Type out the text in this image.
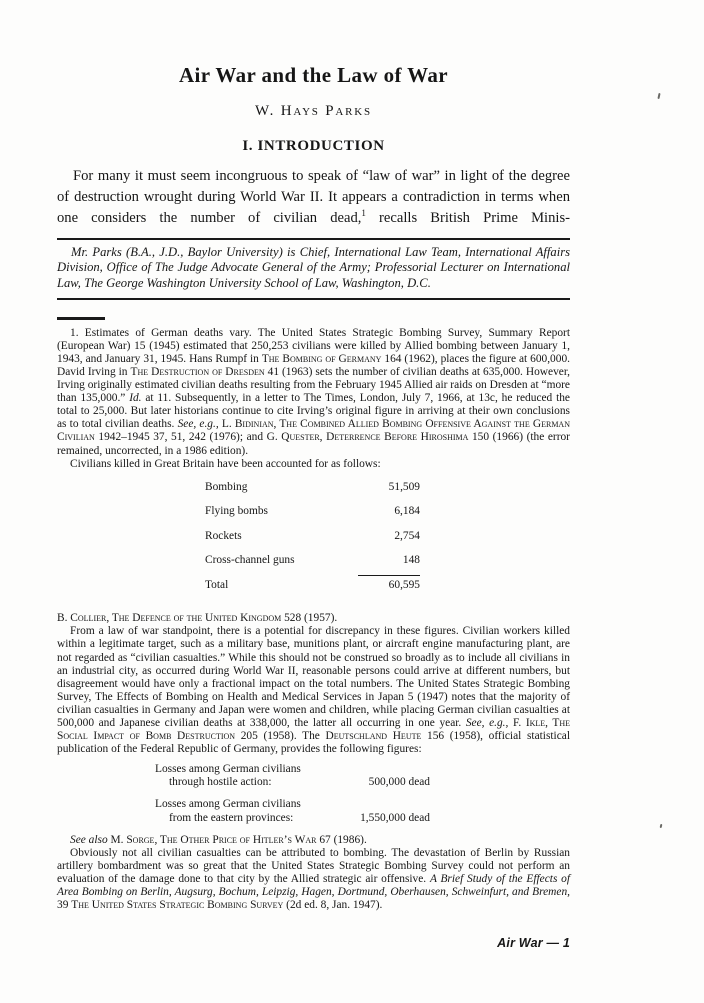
Air War and the Law of War
W. Hays Parks
I. INTRODUCTION

For many it must seem incongruous to speak of “law of war” in light of the degree of destruction wrought during World War II. It appears a contradiction in terms when one considers the number of civilian dead,$^1$ recalls British Prime Minis-

Mr. Parks (B.A., J.D., Baylor University) is Chief, International Law Team, International Affairs Division, Office of The Judge Advocate General of the Army; Professorial Lecturer on International Law, The George Washington University School of Law, Washington, D.C.

1. Estimates of German deaths vary. The United States Strategic Bombing Survey, Summary Report (European War) 15 (1945) estimated that 250,253 civilians were killed by Allied bombing between January 1, 1943, and January 31, 1945. Hans Rumpf in The Bombing of Germany 164 (1962), places the figure at 600,000. David Irving in The Destruction of Dresden 41 (1963) sets the number of civilian deaths at 635,000. However, Irving originally estimated civilian deaths resulting from the February 1945 Allied air raids on Dresden at “more than 135,000.” Id. at 11. Subsequently, in a letter to The Times, London, July 7, 1966, at 13c, he reduced the total to 25,000. But later historians continue to cite Irving’s original figure in arriving at their own conclusions as to total civilian deaths. See, e.g., L. Bidinian, The Combined Allied Bombing Offensive Against the German Civilian 1942–1945 37, 51, 242 (1976); and G. Quester, Deterrence Before Hiroshima 150 (1966) (the error remained, uncorrected, in a 1986 edition).

Civilians killed in Great Britain have been accounted for as follows:

Bombing	51,509
Flying bombs	6,184
Rockets	2,754
Cross-channel guns	148
Total	60,595

B. Collier, The Defence of the United Kingdom 528 (1957).

From a law of war standpoint, there is a potential for discrepancy in these figures. Civilian workers killed within a legitimate target, such as a military base, munitions plant, or aircraft engine manufacturing plant, are not regarded as “civilian casualties.” While this should not be construed so broadly as to include all civilians in an industrial city, as occurred during World War II, reasonable persons could arrive at different numbers, but disagreement would have only a fractional impact on the total numbers. The United States Strategic Bombing Survey, The Effects of Bombing on Health and Medical Services in Japan 5 (1947) notes that the majority of civilian casualties in Germany and Japan were women and children, while placing German civilian casualties at 500,000 and Japanese civilian deaths at 338,000, the latter all occurring in one year. See, e.g., F. Ikle, The Social Impact of Bomb Destruction 205 (1958). The Deutschland Heute 156 (1958), official statistical publication of the Federal Republic of Germany, provides the following figures:

Losses among German civilians
through hostile action:	500,000 dead
Losses among German civilians
from the eastern provinces:	1,550,000 dead

See also M. Sorge, The Other Price of Hitler’s War 67 (1986).

Obviously not all civilian casualties can be attributed to bombing. The devastation of Berlin by Russian artillery bombardment was so great that the United States Strategic Bombing Survey could not perform an evaluation of the damage done to that city by the Allied strategic air offensive. A Brief Study of the Effects of Area Bombing on Berlin, Augsurg, Bochum, Leipzig, Hagen, Dortmund, Oberhausen, Schweinfurt, and Bremen, 39 The United States Strategic Bombing Survey (2d ed. 8, Jan. 1947).

Air War — 1
